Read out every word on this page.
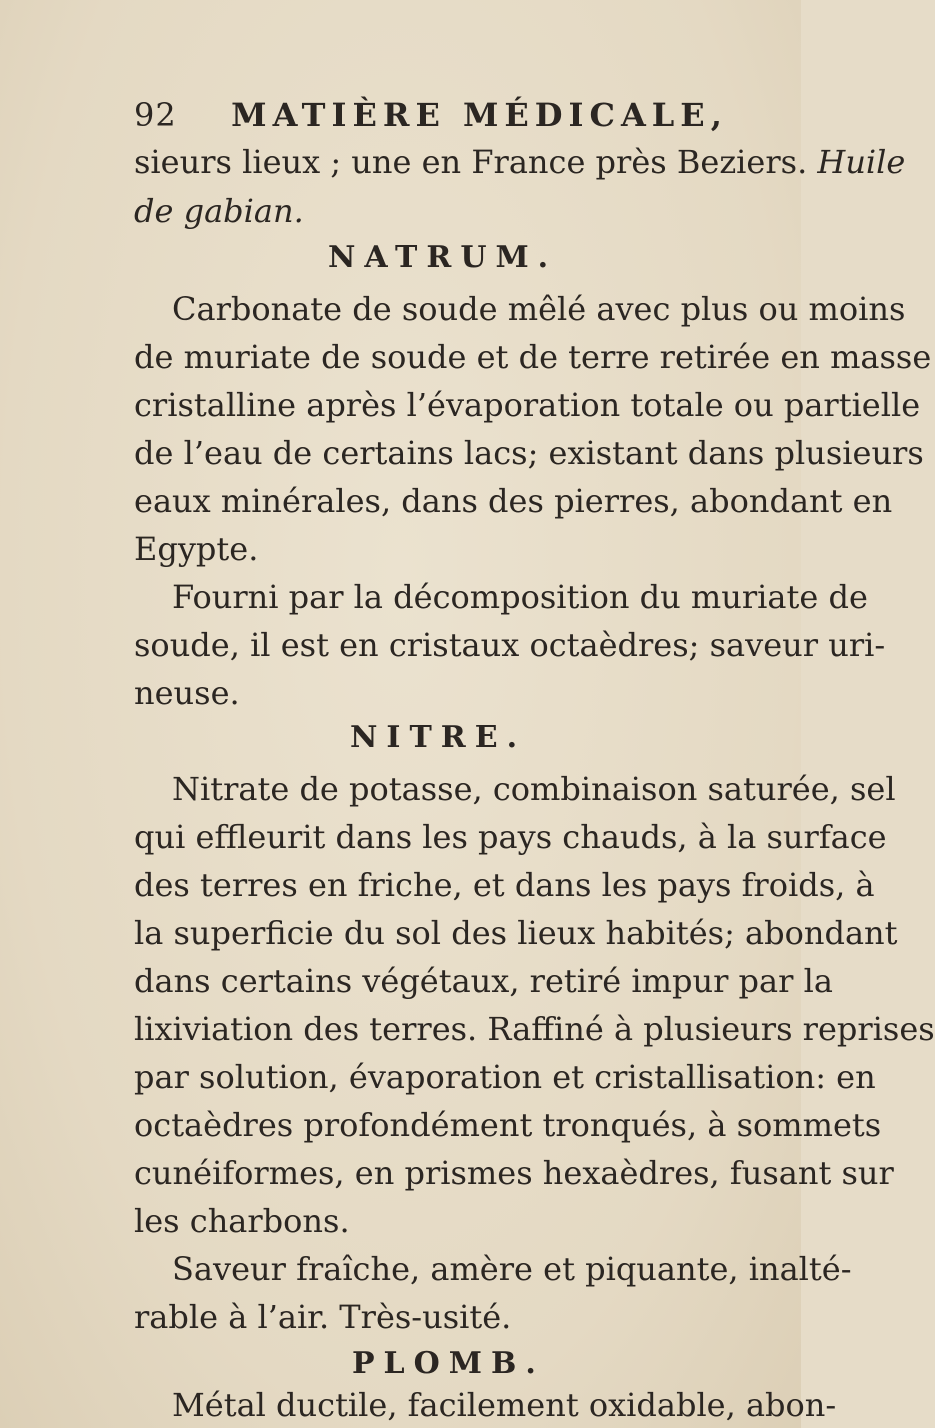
92 MATIÈRE MÉDICALE,
sieurs lieux ; une en France près Beziers. Huile
de gabian.
NATRUM.
Carbonate de soude mêlé avec plus ou moins
de muriate de soude et de terre retirée en masse
cristalline après l’évaporation totale ou partielle
de l’eau de certains lacs; existant dans plusieurs
eaux minérales, dans des pierres, abondant en
Egypte.
Fourni par la décomposition du muriate de
soude, il est en cristaux octaèdres; saveur uri-
neuse.
NITRE.
Nitrate de potasse, combinaison saturée, sel
qui effleurit dans les pays chauds, à la surface
des terres en friche, et dans les pays froids, à
la superficie du sol des lieux habités; abondant
dans certains végétaux, retiré impur par la
lixiviation des terres. Raffiné à plusieurs reprises
par solution, évaporation et cristallisation: en
octaèdres profondément tronqués, à sommets
cunéiformes, en prismes hexaèdres, fusant sur
les charbons.
Saveur fraîche, amère et piquante, inalté-
rable à l’air. Très-usité.
PLOMB.
Métal ductile, facilement oxidable, abon-
